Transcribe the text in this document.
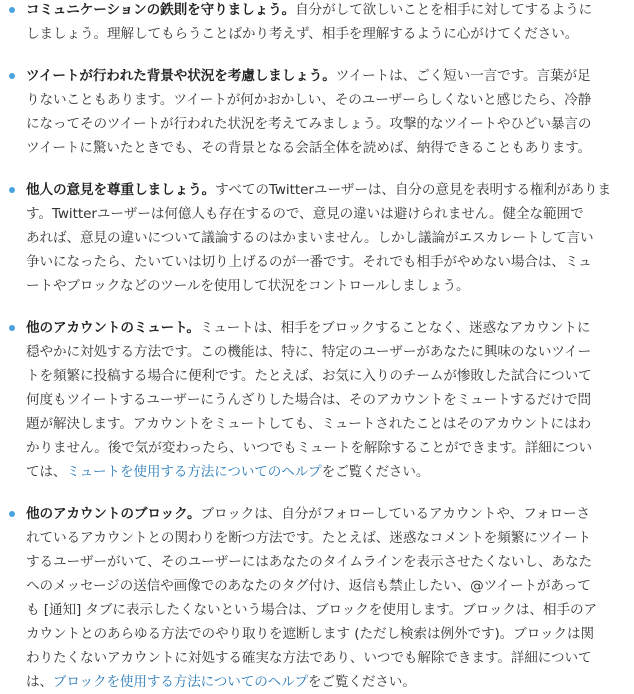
コミュニケーションの鉄則を守りましょう。自分がして欲しいことを相手に対してするように
しましょう。理解してもらうことばかり考えず、相手を理解するように心がけてください。
ツイートが行われた背景や状況を考慮しましょう。ツイートは、ごく短い一言です。言葉が足
りないこともあります。ツイートが何かおかしい、そのユーザーらしくないと感じたら、冷静
になってそのツイートが行われた状況を考えてみましょう。攻撃的なツイートやひどい暴言の
ツイートに驚いたときでも、その背景となる会話全体を読めば、納得できることもあります。
他人の意見を尊重しましょう。すべてのTwitterユーザーは、自分の意見を表明する権利がありま
す。Twitterユーザーは何億人も存在するので、意見の違いは避けられません。健全な範囲で
あれば、意見の違いについて議論するのはかまいません。しかし議論がエスカレートして言い
争いになったら、たいていは切り上げるのが一番です。それでも相手がやめない場合は、ミュ
ートやブロックなどのツールを使用して状況をコントロールしましょう。
他のアカウントのミュート。ミュートは、相手をブロックすることなく、迷惑なアカウントに
穏やかに対処する方法です。この機能は、特に、特定のユーザーがあなたに興味のないツイー
トを頻繁に投稿する場合に便利です。たとえば、お気に入りのチームが惨敗した試合について
何度もツイートするユーザーにうんざりした場合は、そのアカウントをミュートするだけで問
題が解決します。アカウントをミュートしても、ミュートされたことはそのアカウントにはわ
かりません。後で気が変わったら、いつでもミュートを解除することができます。詳細につい
ては、ミュートを使用する方法についてのヘルプをご覧ください。
他のアカウントのブロック。ブロックは、自分がフォローしているアカウントや、フォローさ
れているアカウントとの関わりを断つ方法です。たとえば、迷惑なコメントを頻繁にツイート
するユーザーがいて、そのユーザーにはあなたのタイムラインを表示させたくないし、あなた
へのメッセージの送信や画像でのあなたのタグ付け、返信も禁止したい、@ツイートがあって
も [通知] タブに表示したくないという場合は、ブロックを使用します。ブロックは、相手のア
カウントとのあらゆる方法でのやり取りを遮断します (ただし検索は例外です)。ブロックは関
わりたくないアカウントに対処する確実な方法であり、いつでも解除できます。詳細について
は、ブロックを使用する方法についてのヘルプをご覧ください。
